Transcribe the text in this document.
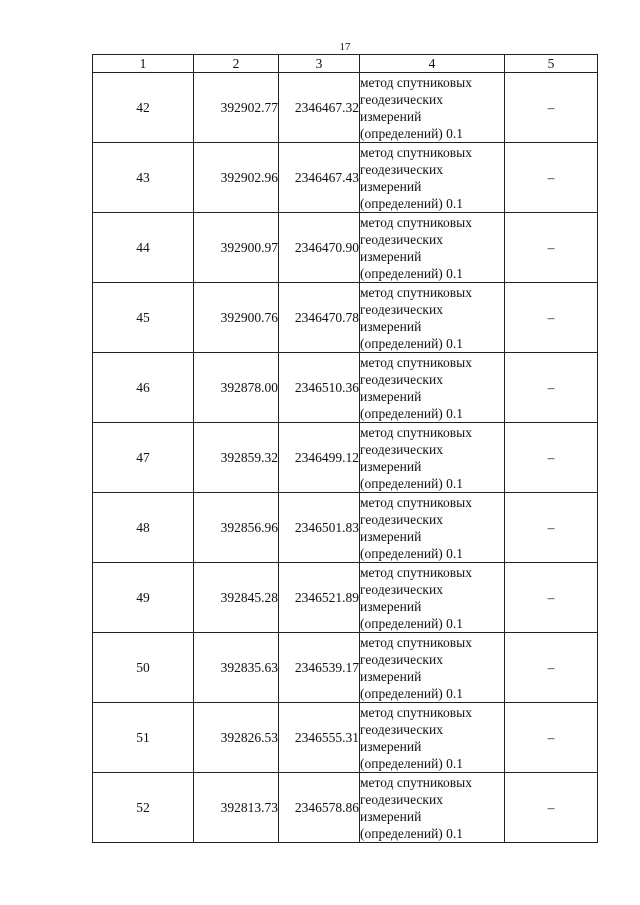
17
1	2	3	4	5
42	392902.77	2346467.32	метод спутниковых
геодезических
измерений
(определений) 0.1	–
43	392902.96	2346467.43	метод спутниковых
геодезических
измерений
(определений) 0.1	–
44	392900.97	2346470.90	метод спутниковых
геодезических
измерений
(определений) 0.1	–
45	392900.76	2346470.78	метод спутниковых
геодезических
измерений
(определений) 0.1	–
46	392878.00	2346510.36	метод спутниковых
геодезических
измерений
(определений) 0.1	–
47	392859.32	2346499.12	метод спутниковых
геодезических
измерений
(определений) 0.1	–
48	392856.96	2346501.83	метод спутниковых
геодезических
измерений
(определений) 0.1	–
49	392845.28	2346521.89	метод спутниковых
геодезических
измерений
(определений) 0.1	–
50	392835.63	2346539.17	метод спутниковых
геодезических
измерений
(определений) 0.1	–
51	392826.53	2346555.31	метод спутниковых
геодезических
измерений
(определений) 0.1	–
52	392813.73	2346578.86	метод спутниковых
геодезических
измерений
(определений) 0.1	–
